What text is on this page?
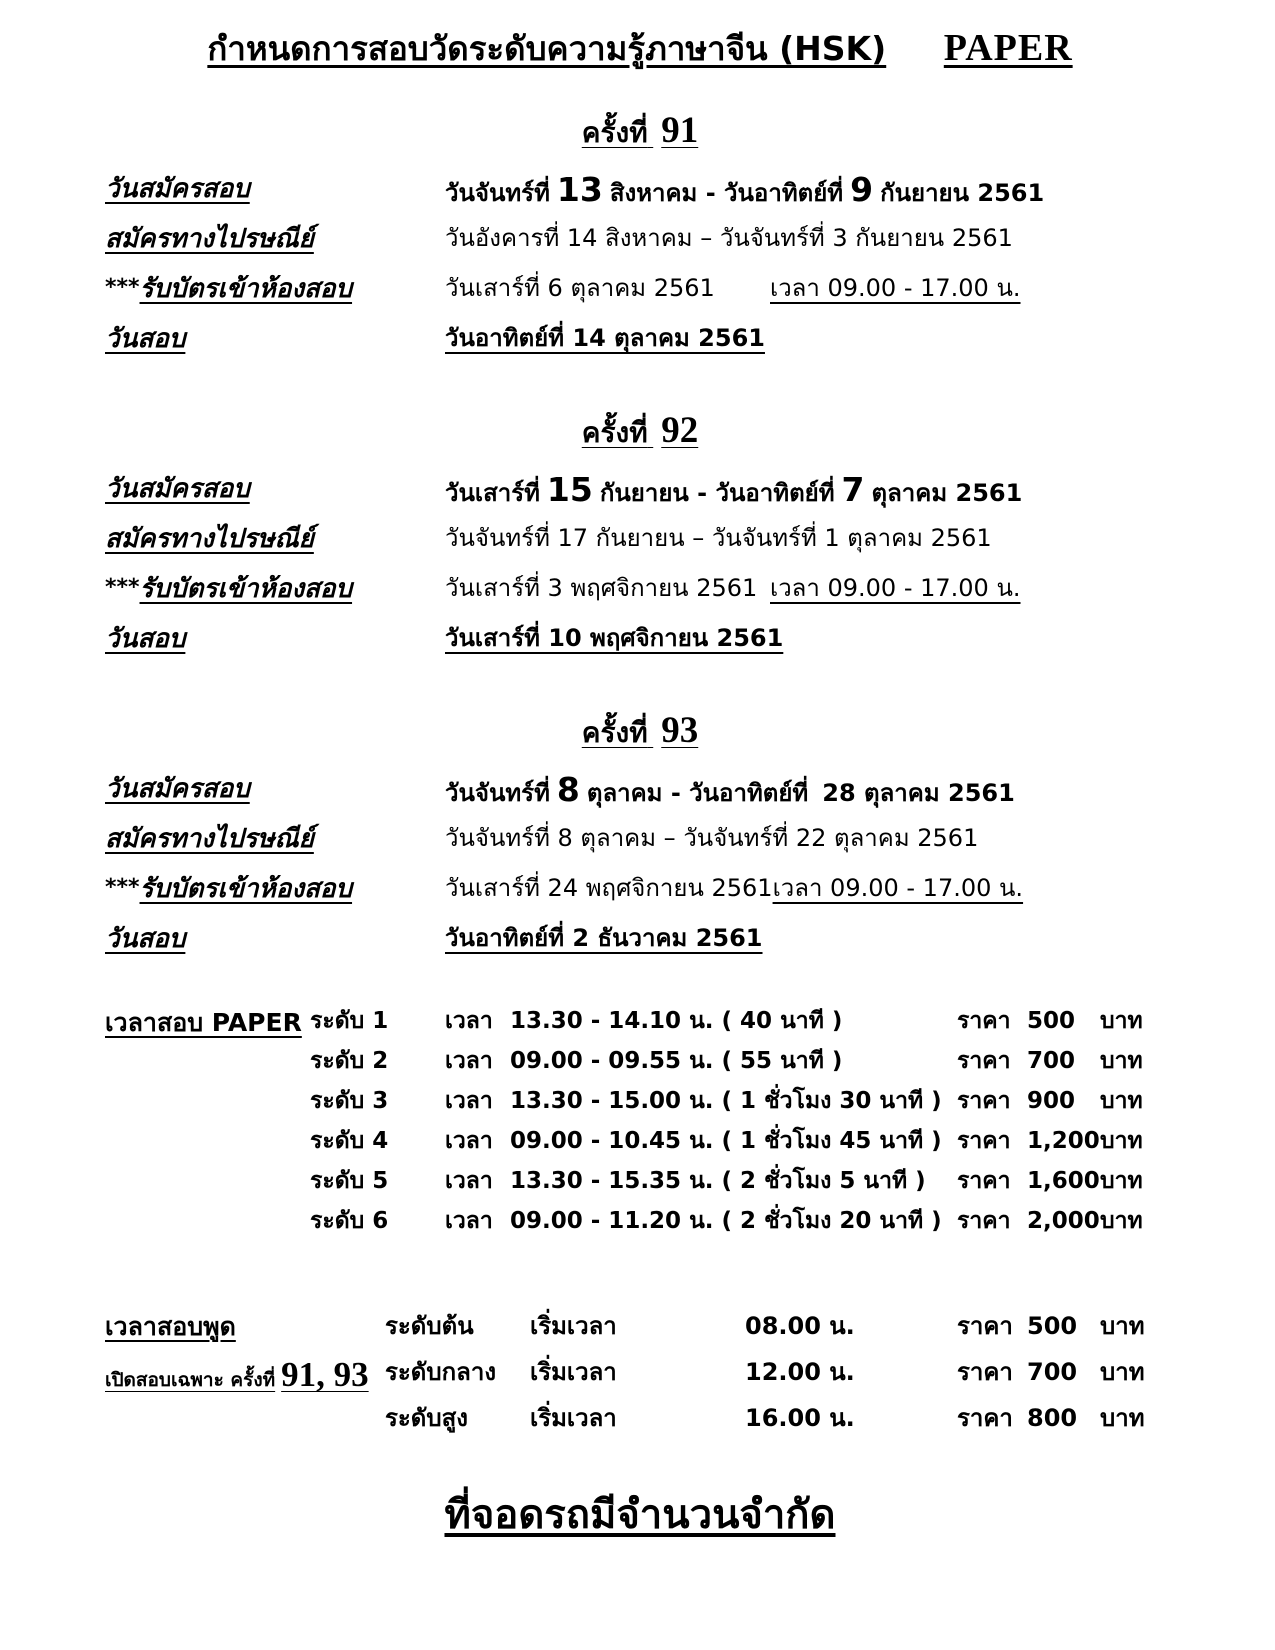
กำหนดการสอบวัดระดับความรู้ภาษาจีน (HSK) PAPER
ครั้งที่ 91
วันสมัครสอบ	วันจันทร์ที่ 13 สิงหาคม - วันอาทิตย์ที่ 9 กันยายน 2561
สมัครทางไปรษณีย์	วันอังคารที่ 14 สิงหาคม – วันจันทร์ที่ 3 กันยายน 2561
***รับบัตรเข้าห้องสอบ	วันเสาร์ที่ 6 ตุลาคม 2561	เวลา 09.00 - 17.00 น.
วันสอบ	วันอาทิตย์ที่ 14 ตุลาคม 2561
ครั้งที่ 92
วันสมัครสอบ	วันเสาร์ที่ 15 กันยายน - วันอาทิตย์ที่ 7 ตุลาคม 2561
สมัครทางไปรษณีย์	วันจันทร์ที่ 17 กันยายน – วันจันทร์ที่ 1 ตุลาคม 2561
***รับบัตรเข้าห้องสอบ	วันเสาร์ที่ 3 พฤศจิกายน 2561 เวลา 09.00 - 17.00 น.
วันสอบ	วันเสาร์ที่ 10 พฤศจิกายน 2561
ครั้งที่ 93
วันสมัครสอบ	วันจันทร์ที่ 8 ตุลาคม - วันอาทิตย์ที่ 28 ตุลาคม 2561
สมัครทางไปรษณีย์	วันจันทร์ที่ 8 ตุลาคม – วันจันทร์ที่ 22 ตุลาคม 2561
***รับบัตรเข้าห้องสอบ	วันเสาร์ที่ 24 พฤศจิกายน 2561 เวลา 09.00 - 17.00 น.
วันสอบ	วันอาทิตย์ที่ 2 ธันวาคม 2561
เวลาสอบ PAPER ระดับ 1	เวลา 13.30 - 14.10 น. ( 40 นาที )	ราคา 500	บาท
ระดับ 2	เวลา 09.00 - 09.55 น. ( 55 นาที )	ราคา 700	บาท
ระดับ 3	เวลา 13.30 - 15.00 น. ( 1 ชั่วโมง 30 นาที ) ราคา 900	บาท
ระดับ 4	เวลา 09.00 - 10.45 น. ( 1 ชั่วโมง 45 นาที ) ราคา 1,200 บาท
ระดับ 5	เวลา 13.30 - 15.35 น. ( 2 ชั่วโมง 5 นาที )	ราคา 1,600 บาท
ระดับ 6	เวลา 09.00 - 11.20 น. ( 2 ชั่วโมง 20 นาที ) ราคา 2,000 บาท
เวลาสอบพูด
เปิดสอบเฉพาะ ครั้งที่ 91, 93
ระดับต้น	เริ่มเวลา	08.00 น.	ราคา 500 บาท
ระดับกลาง	เริ่มเวลา	12.00 น.	ราคา 700 บาท
ระดับสูง	เริ่มเวลา	16.00 น.	ราคา 800 บาท
ที่จอดรถมีจำนวนจำกัด
